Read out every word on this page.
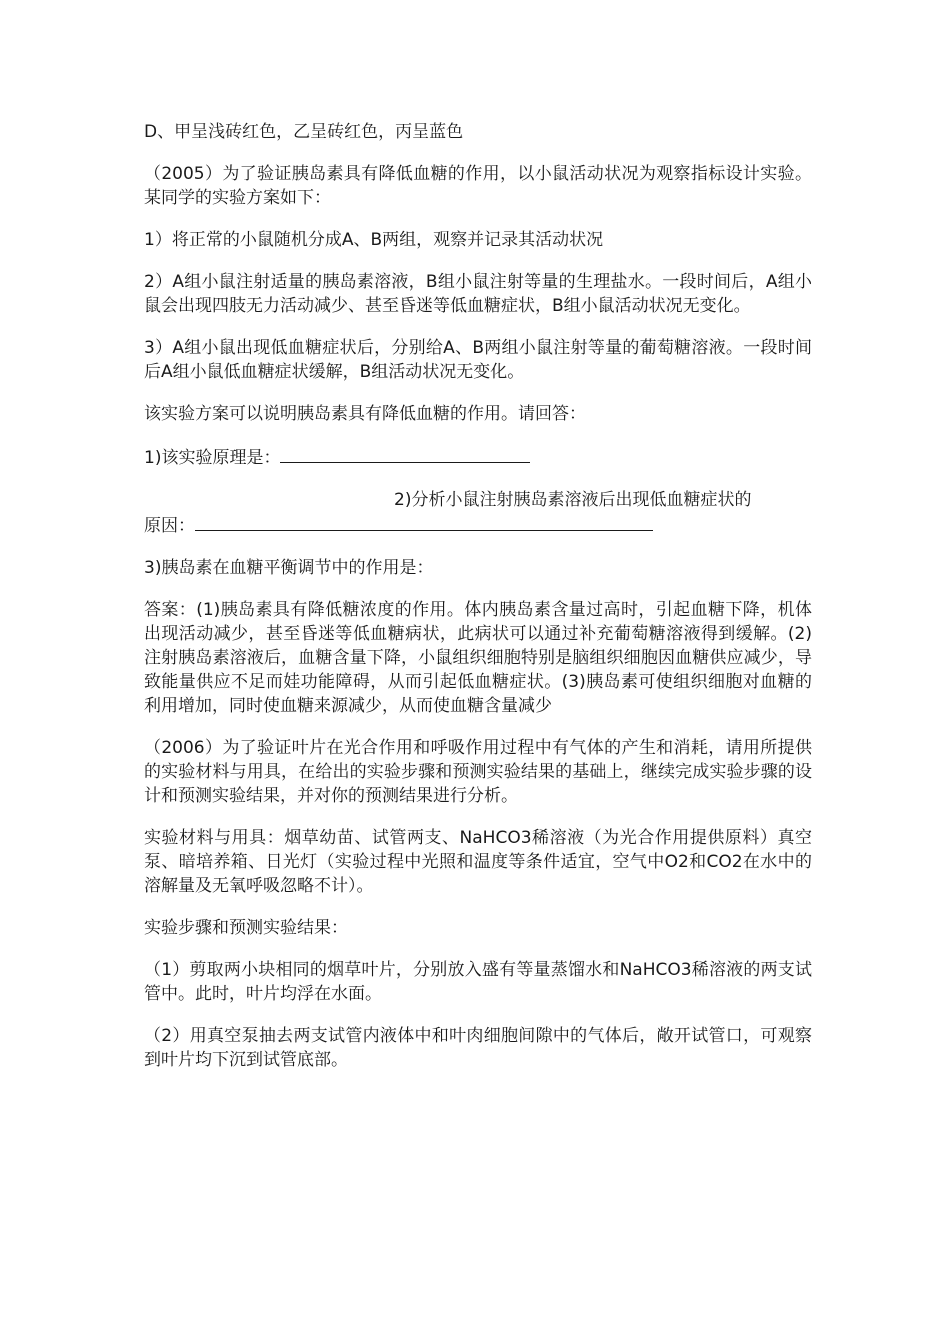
D、甲呈浅砖红色，乙呈砖红色，丙呈蓝色

（2005）为了验证胰岛素具有降低血糖的作用，以小鼠活动状况为观察指标设计实验。某同学的实验方案如下：

1）将正常的小鼠随机分成A、B两组，观察并记录其活动状况

2）A组小鼠注射适量的胰岛素溶液，B组小鼠注射等量的生理盐水。一段时间后，A组小鼠会出现四肢无力活动减少、甚至昏迷等低血糖症状，B组小鼠活动状况无变化。

3）A组小鼠出现低血糖症状后，分别给A、B两组小鼠注射等量的葡萄糖溶液。一段时间后A组小鼠低血糖症状缓解，B组活动状况无变化。

该实验方案可以说明胰岛素具有降低血糖的作用。请回答：

1)该实验原理是：

2)分析小鼠注射胰岛素溶液后出现低血糖症状的
原因：

3)胰岛素在血糖平衡调节中的作用是：

答案：(1)胰岛素具有降低糖浓度的作用。体内胰岛素含量过高时，引起血糖下降，机体出现活动减少，甚至昏迷等低血糖病状，此病状可以通过补充葡萄糖溶液得到缓解。(2)注射胰岛素溶液后，血糖含量下降，小鼠组织细胞特别是脑组织细胞因血糖供应减少，导致能量供应不足而娃功能障碍，从而引起低血糖症状。(3)胰岛素可使组织细胞对血糖的利用增加，同时使血糖来源减少，从而使血糖含量减少

（2006）为了验证叶片在光合作用和呼吸作用过程中有气体的产生和消耗，请用所提供的实验材料与用具，在给出的实验步骤和预测实验结果的基础上，继续完成实验步骤的设计和预测实验结果，并对你的预测结果进行分析。

实验材料与用具：烟草幼苗、试管两支、NaHCO3稀溶液（为光合作用提供原料）真空泵、暗培养箱、日光灯（实验过程中光照和温度等条件适宜，空气中O2和CO2在水中的溶解量及无氧呼吸忽略不计）。

实验步骤和预测实验结果：

（1）剪取两小块相同的烟草叶片，分别放入盛有等量蒸馏水和NaHCO3稀溶液的两支试管中。此时，叶片均浮在水面。

（2）用真空泵抽去两支试管内液体中和叶肉细胞间隙中的气体后，敞开试管口，可观察到叶片均下沉到试管底部。
